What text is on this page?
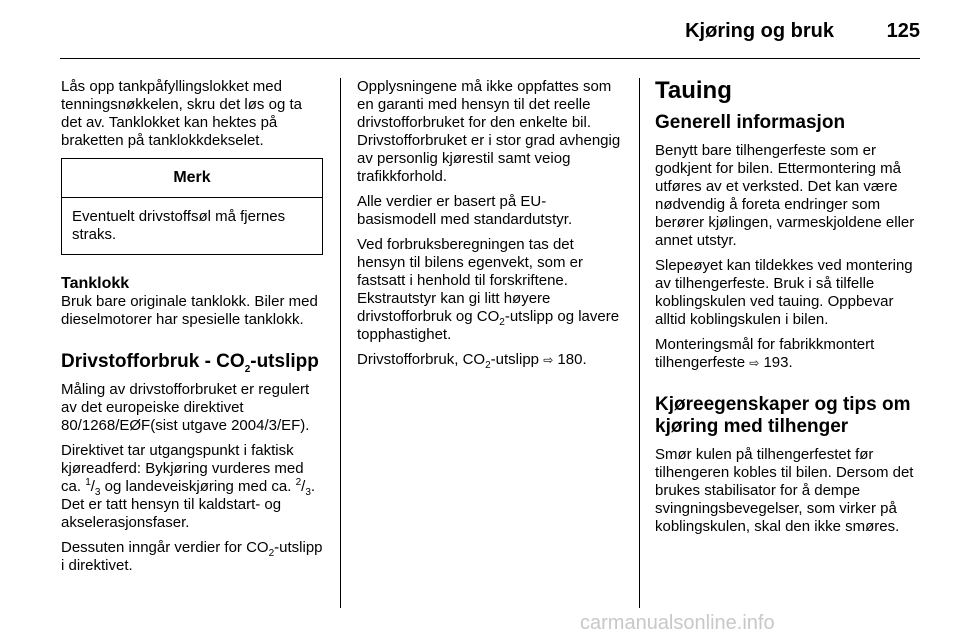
Kjøring og bruk	125

Lås opp tankpåfyllingslokket med tenningsnøkkelen, skru det løs og ta det av. Tanklokket kan hektes på braketten på tanklokkdekselet.

Merk
Eventuelt drivstoffsøl må fjernes straks.
Tanklokk

Bruk bare originale tanklokk. Biler med dieselmotorer har spesielle tanklokk.

Drivstofforbruk - $CO_2$-utslipp

Måling av drivstofforbruket er regulert av det europeiske direktivet 80/1268/EØF(sist utgave 2004/3/EF).

Direktivet tar utgangspunkt i faktisk kjøreadferd: Bykjøring vurderes med ca. $^1/_3$ og landeveiskjøring med ca. $^2/_3$. Det er tatt hensyn til kaldstart- og akselerasjonsfaser.

Dessuten inngår verdier for $CO_2$-utslipp i direktivet.

Opplysningene må ikke oppfattes som en garanti med hensyn til det reelle drivstofforbruket for den enkelte bil. Drivstofforbruket er i stor grad avhengig av personlig kjørestil samt veiog trafikkforhold.

Alle verdier er basert på EU-basismodell med standardutstyr.

Ved forbruksberegningen tas det hensyn til bilens egenvekt, som er fastsatt i henhold til forskriftene. Ekstrautstyr kan gi litt høyere drivstofforbruk og $CO_2$-utslipp og lavere topphastighet.

Drivstofforbruk, $CO_2$-utslipp ⇨ 180.

Tauing
Generell informasjon

Benytt bare tilhengerfeste som er godkjent for bilen. Ettermontering må utføres av et verksted. Det kan være nødvendig å foreta endringer som berører kjølingen, varmeskjoldene eller annet utstyr.

Slepeøyet kan tildekkes ved montering av tilhengerfeste. Bruk i så tilfelle koblingskulen ved tauing. Oppbevar alltid koblingskulen i bilen.

Monteringsmål for fabrikkmontert tilhengerfeste ⇨ 193.

Kjøreegenskaper og tips om kjøring med tilhenger

Smør kulen på tilhengerfestet før tilhengeren kobles til bilen. Dersom det brukes stabilisator for å dempe svingningsbevegelser, som virker på koblingskulen, skal den ikke smøres.

carmanualsonline.info
